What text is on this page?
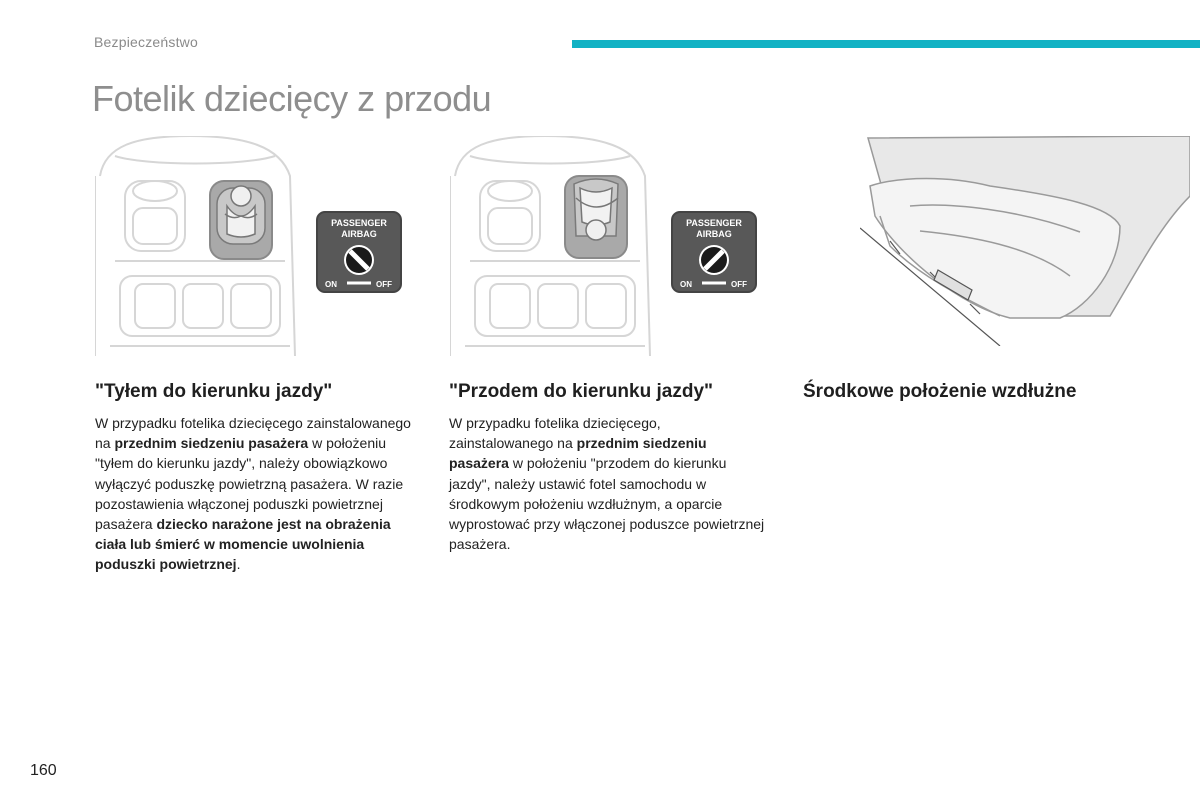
Bezpieczeństwo
Fotelik dziecięcy z przodu
PASSENGER
AIRBAG
ON	OFF
PASSENGER
AIRBAG
ON	OFF
"Tyłem do kierunku jazdy"

W przypadku fotelika dziecięcego zainstalowanego na przednim siedzeniu pasażera w położeniu "tyłem do kierunku jazdy", należy obowiązkowo wyłączyć poduszkę powietrzną pasażera. W razie pozostawienia włączonej poduszki powietrznej pasażera dziecko narażone jest na obrażenia ciała lub śmierć w momencie uwolnienia poduszki powietrznej.

"Przodem do kierunku jazdy"

W przypadku fotelika dziecięcego, zainstalowanego na przednim siedzeniu pasażera w położeniu "przodem do kierunku jazdy", należy ustawić fotel samochodu w środkowym położeniu wzdłużnym, a oparcie wyprostować przy włączonej poduszce powietrznej pasażera.

Środkowe położenie wzdłużne
160
